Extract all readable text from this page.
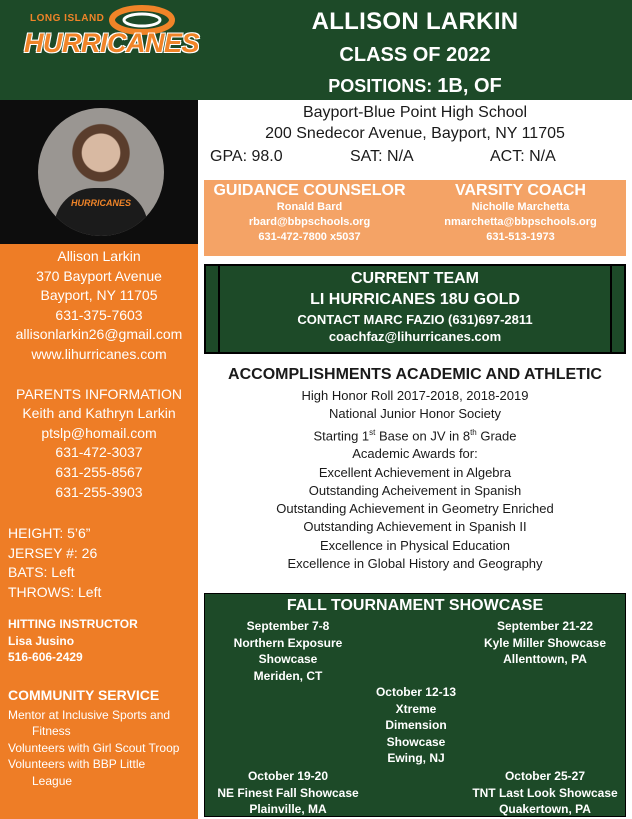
LONG ISLAND
HURRICANES
ALLISON LARKIN
CLASS OF 2022
POSITIONS: 1B, OF
HURRICANES
Allison Larkin
370 Bayport Avenue
Bayport, NY 11705
631-375-7603
allisonlarkin26@gmail.com
www.lihurricanes.com
PARENTS INFORMATION
Keith and Kathryn Larkin
ptslp@homail.com
631-472-3037
631-255-8567
631-255-3903
HEIGHT: 5’6”
JERSEY #: 26
BATS: Left
THROWS: Left
HITTING INSTRUCTOR
Lisa Jusino
516-606-2429
COMMUNITY SERVICE
Mentor at Inclusive Sports and
Fitness
Volunteers with Girl Scout Troop
Volunteers with BBP Little
League
Bayport-Blue Point High School
200 Snedecor Avenue, Bayport, NY 11705
GPA: 98.0	SAT: N/A	ACT: N/A
GUIDANCE COUNSELOR
Ronald Bard
rbard@bbpschools.org
631-472-7800 x5037
VARSITY COACH
Nicholle Marchetta
nmarchetta@bbpschools.org
631-513-1973
CURRENT TEAM
LI HURRICANES 18U GOLD
CONTACT MARC FAZIO (631)697-2811
coachfaz@lihurricanes.com
ACCOMPLISHMENTS ACADEMIC AND ATHLETIC
High Honor Roll 2017-2018, 2018-2019
National Junior Honor Society
Starting 1st Base on JV in 8th Grade
Academic Awards for:
Excellent Achievement in Algebra
Outstanding Acheivement in Spanish
Outstanding Achievement in Geometry Enriched
Outstanding Achievement in Spanish II
Excellence in Physical Education
Excellence in Global History and Geography
FALL TOURNAMENT SHOWCASE
September 7-8
Northern Exposure
Showcase
Meriden, CT
September 21-22
Kyle Miller Showcase
Allenttown, PA
October 12-13
Xtreme
Dimension
Showcase
Ewing, NJ
October 19-20
NE Finest Fall Showcase
Plainville, MA
October 25-27
TNT Last Look Showcase
Quakertown, PA
